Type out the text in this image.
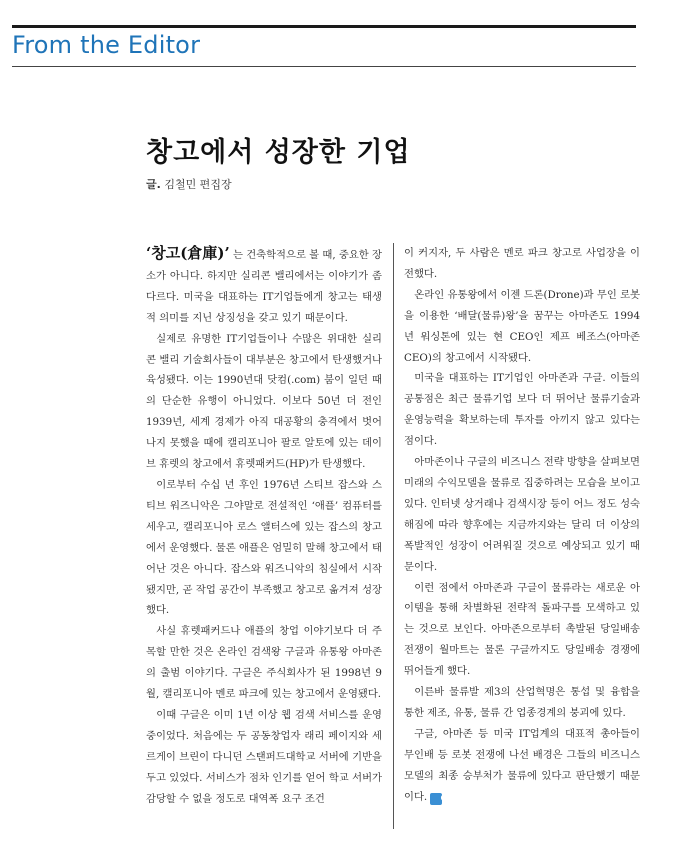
From the Editor
창고에서 성장한 기업
글. 김철민 편집장

‘창고(倉庫)’ 는 건축학적으로 볼 때, 중요한 장소가 아니다. 하지만 실리콘 밸리에서는 이야기가 좀 다르다. 미국을 대표하는 IT기업들에게 창고는 태생적 의미를 지닌 상징성을 갖고 있기 때문이다.

실제로 유명한 IT기업들이나 수많은 위대한 실리콘 밸리 기술회사들이 대부분은 창고에서 탄생했거나 육성됐다. 이는 1990년대 닷컴(.com) 붐이 일던 때의 단순한 유행이 아니었다. 이보다 50년 더 전인 1939년, 세계 경제가 아직 대공황의 충격에서 벗어나지 못했을 때에 캘리포니아 팔로 알토에 있는 데이브 휴렛의 창고에서 휴렛패커드(HP)가 탄생했다.

이로부터 수십 년 후인 1976년 스티브 잡스와 스티브 워즈니악은 그야말로 전설적인 ‘애플’ 컴퓨터를 세우고, 캘리포니아 로스 앨터스에 있는 잡스의 창고에서 운영했다. 물론 애플은 엄밀히 말해 창고에서 태어난 것은 아니다. 잡스와 워즈니악의 침실에서 시작됐지만, 곧 작업 공간이 부족했고 창고로 옮겨져 성장했다.

사실 휴렛패커드나 애플의 창업 이야기보다 더 주목할 만한 것은 온라인 검색왕 구글과 유통왕 아마존의 출범 이야기다. 구글은 주식회사가 된 1998년 9월, 캘리포니아 멘로 파크에 있는 창고에서 운영됐다.

이때 구글은 이미 1년 이상 웹 검색 서비스를 운영 중이었다. 처음에는 두 공동창업자 래리 페이지와 세르게이 브린이 다니던 스탠퍼드대학교 서버에 기반을 두고 있었다. 서비스가 점차 인기를 얻어 학교 서버가 감당할 수 없을 정도로 대역폭 요구 조건

이 커지자, 두 사람은 멘로 파크 창고로 사업장을 이전했다.

온라인 유통왕에서 이젠 드론(Drone)과 무인 로봇을 이용한 ‘배달(물류)왕’을 꿈꾸는 아마존도 1994년 워싱톤에 있는 현 CEO인 제프 베조스(아마존 CEO)의 창고에서 시작됐다.

미국을 대표하는 IT기업인 아마존과 구글. 이들의 공통점은 최근 물류기업 보다 더 뛰어난 물류기술과 운영능력을 확보하는데 투자를 아끼지 않고 있다는 점이다.

아마존이나 구글의 비즈니스 전략 방향을 살펴보면 미래의 수익모델을 물류로 집중하려는 모습을 보이고 있다. 인터넷 상거래나 검색시장 등이 어느 정도 성숙해짐에 따라 향후에는 지금까지와는 달리 더 이상의 폭발적인 성장이 어려워질 것으로 예상되고 있기 때문이다.

이런 점에서 아마존과 구글이 물류라는 새로운 아이템을 통해 차별화된 전략적 돌파구를 모색하고 있는 것으로 보인다. 아마존으로부터 촉발된 당일배송 전쟁이 월마트는 물론 구글까지도 당일배송 경쟁에 뛰어들게 했다.

이른바 물류발 제3의 산업혁명은 통섭 및 융합을 통한 제조, 유통, 물류 간 업종경계의 붕괴에 있다.

구글, 아마존 등 미국 IT업계의 대표적 총아들이 무인배 등 로봇 전쟁에 나선 배경은 그들의 비즈니스 모델의 최종 승부처가 물류에 있다고 판단했기 때문이다. C
